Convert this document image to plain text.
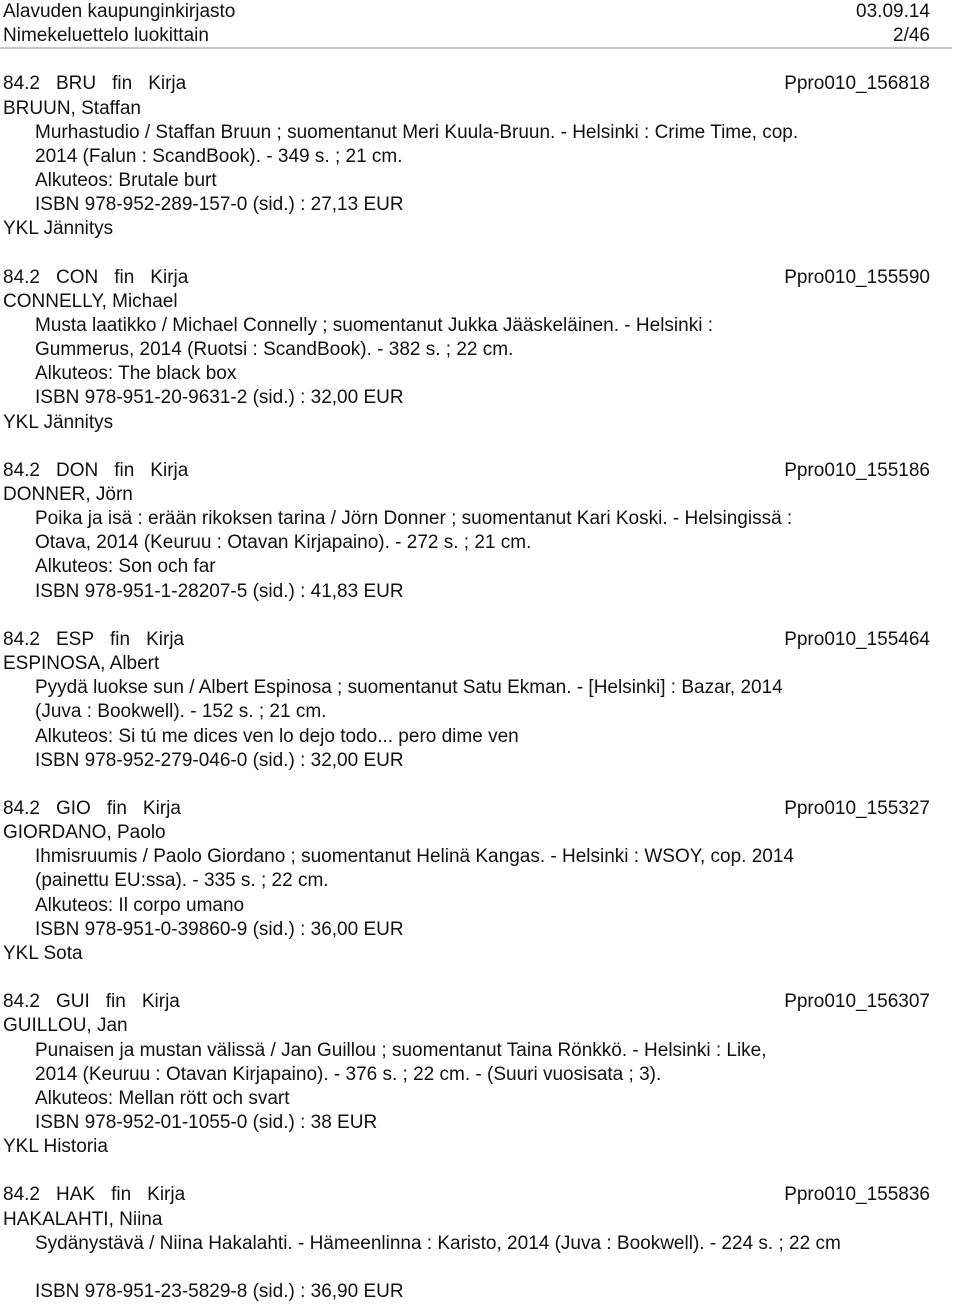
Alavuden kaupunginkirjasto	03.09.14
Nimekeluettelo luokittain	2/46
84.2 BRU fin Kirja	Ppro010_156818
BRUUN, Staffan
Murhastudio / Staffan Bruun ; suomentanut Meri Kuula-Bruun. - Helsinki : Crime Time, cop.
2014 (Falun : ScandBook). - 349 s. ; 21 cm.
Alkuteos: Brutale burt
ISBN 978-952-289-157-0 (sid.) : 27,13 EUR
YKL Jännitys
84.2 CON fin Kirja	Ppro010_155590
CONNELLY, Michael
Musta laatikko / Michael Connelly ; suomentanut Jukka Jääskeläinen. - Helsinki :
Gummerus, 2014 (Ruotsi : ScandBook). - 382 s. ; 22 cm.
Alkuteos: The black box
ISBN 978-951-20-9631-2 (sid.) : 32,00 EUR
YKL Jännitys
84.2 DON fin Kirja	Ppro010_155186
DONNER, Jörn
Poika ja isä : erään rikoksen tarina / Jörn Donner ; suomentanut Kari Koski. - Helsingissä :
Otava, 2014 (Keuruu : Otavan Kirjapaino). - 272 s. ; 21 cm.
Alkuteos: Son och far
ISBN 978-951-1-28207-5 (sid.) : 41,83 EUR
84.2 ESP fin Kirja	Ppro010_155464
ESPINOSA, Albert
Pyydä luokse sun / Albert Espinosa ; suomentanut Satu Ekman. - [Helsinki] : Bazar, 2014
(Juva : Bookwell). - 152 s. ; 21 cm.
Alkuteos: Si tú me dices ven lo dejo todo... pero dime ven
ISBN 978-952-279-046-0 (sid.) : 32,00 EUR
84.2 GIO fin Kirja	Ppro010_155327
GIORDANO, Paolo
Ihmisruumis / Paolo Giordano ; suomentanut Helinä Kangas. - Helsinki : WSOY, cop. 2014
(painettu EU:ssa). - 335 s. ; 22 cm.
Alkuteos: Il corpo umano
ISBN 978-951-0-39860-9 (sid.) : 36,00 EUR
YKL Sota
84.2 GUI fin Kirja	Ppro010_156307
GUILLOU, Jan
Punaisen ja mustan välissä / Jan Guillou ; suomentanut Taina Rönkkö. - Helsinki : Like,
2014 (Keuruu : Otavan Kirjapaino). - 376 s. ; 22 cm. - (Suuri vuosisata ; 3).
Alkuteos: Mellan rött och svart
ISBN 978-952-01-1055-0 (sid.) : 38 EUR
YKL Historia
84.2 HAK fin Kirja	Ppro010_155836
HAKALAHTI, Niina
Sydänystävä / Niina Hakalahti. - Hämeenlinna : Karisto, 2014 (Juva : Bookwell). - 224 s. ; 22 cm
ISBN 978-951-23-5829-8 (sid.) : 36,90 EUR
